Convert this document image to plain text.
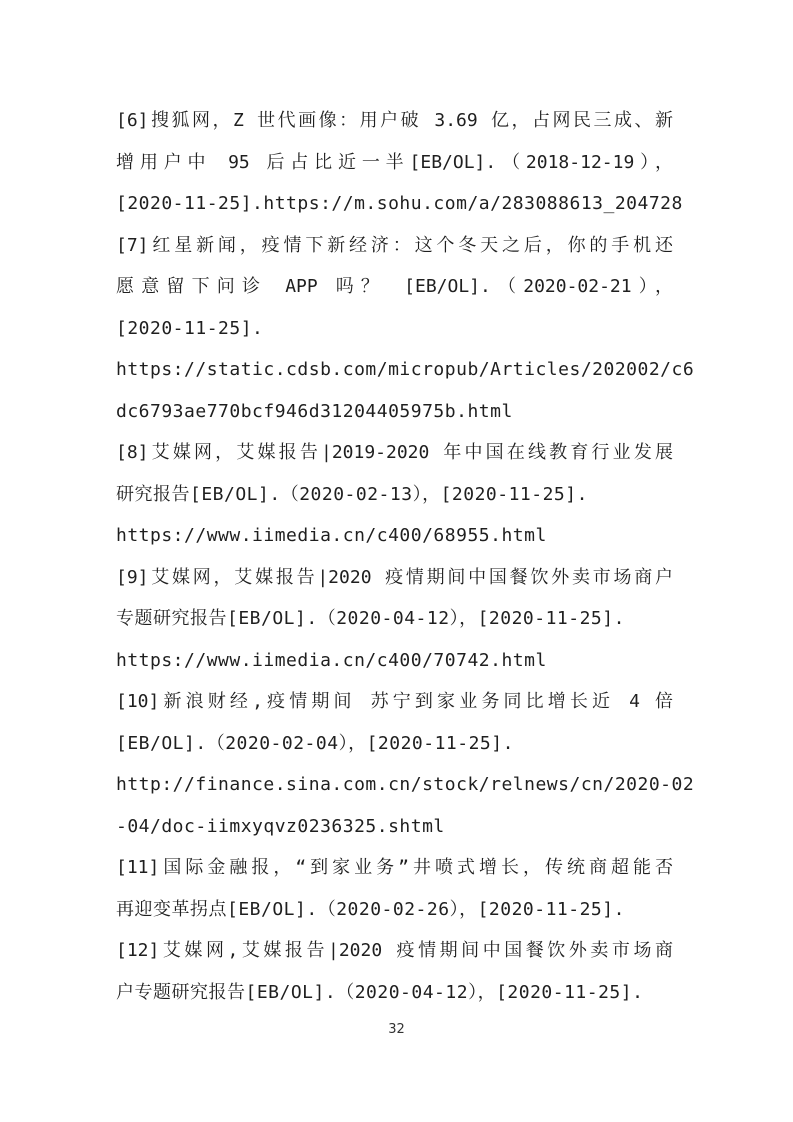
[6]搜狐网，Z 世代画像：用户破 3.69 亿，占网民三成、新
增用户中 95 后占比近一半[EB/OL].（2018-12-19），
[2020-11-25].https://m.sohu.com/a/283088613_204728
[7]红星新闻，疫情下新经济：这个冬天之后，你的手机还
愿意留下问诊 APP 吗？ [EB/OL].（2020-02-21），
[2020-11-25].
https://static.cdsb.com/micropub/Articles/202002/c6
dc6793ae770bcf946d31204405975b.html
[8]艾媒网，艾媒报告|2019-2020 年中国在线教育行业发展
研究报告[EB/OL].（2020-02-13），[2020-11-25].
https://www.iimedia.cn/c400/68955.html
[9]艾媒网，艾媒报告|2020 疫情期间中国餐饮外卖市场商户
专题研究报告[EB/OL].（2020-04-12），[2020-11-25].
https://www.iimedia.cn/c400/70742.html
[10]新浪财经,疫情期间 苏宁到家业务同比增长近 4 倍
[EB/OL].（2020-02-04），[2020-11-25].
http://finance.sina.com.cn/stock/relnews/cn/2020-02
-04/doc-iimxyqvz0236325.shtml
[11]国际金融报，“到家业务”井喷式增长，传统商超能否
再迎变革拐点[EB/OL].（2020-02-26），[2020-11-25].
[12]艾媒网,艾媒报告|2020 疫情期间中国餐饮外卖市场商
户专题研究报告[EB/OL].（2020-04-12），[2020-11-25].
32
